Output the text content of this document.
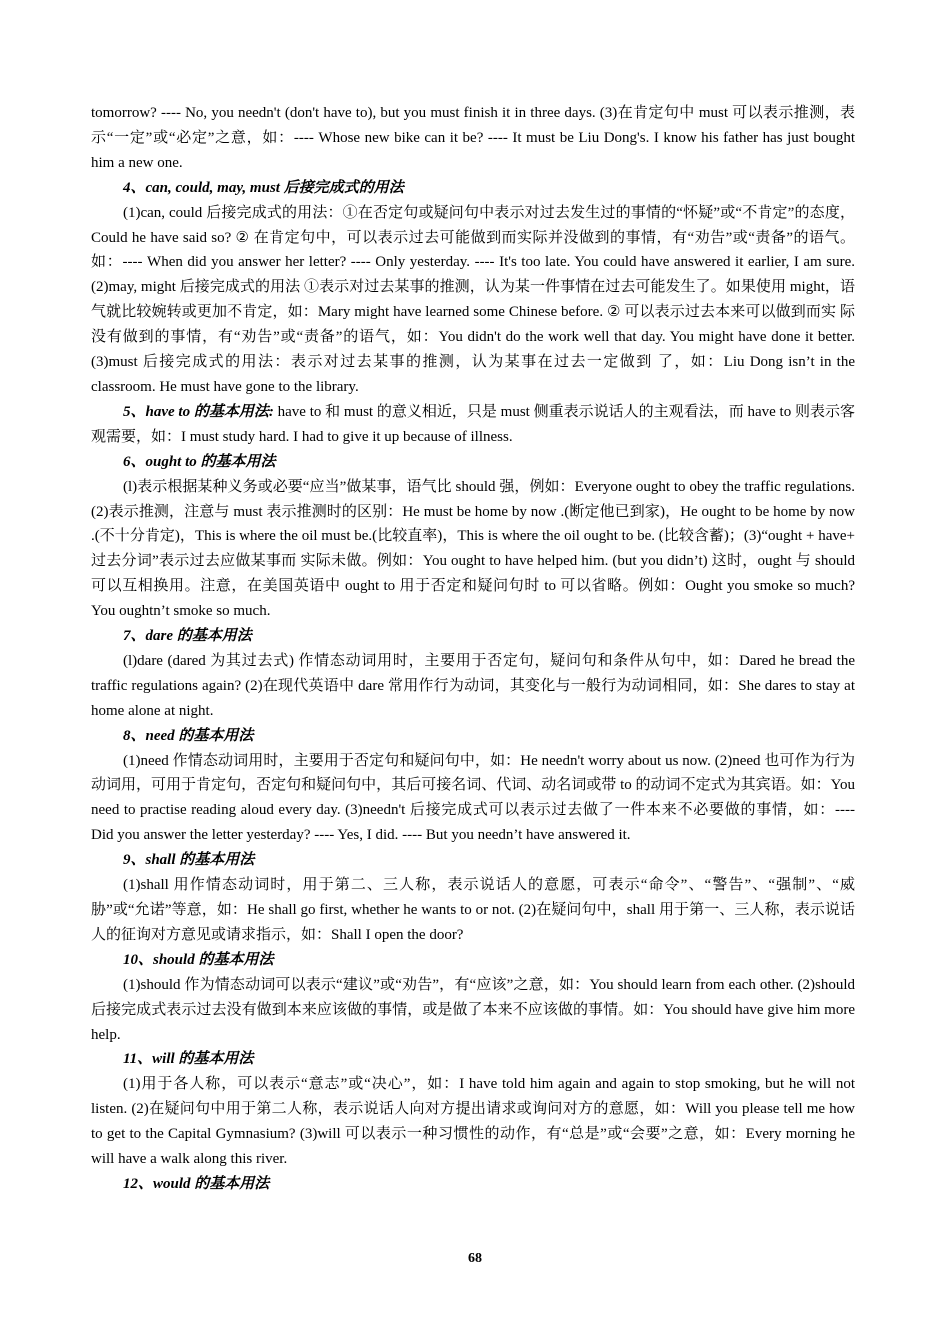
tomorrow? ---- No, you needn't (don't have to), but you must finish it in three days. (3)在肯定句中 must 可以表示推测，表示“一定”或“必定”之意，如：---- Whose new bike can it be? ---- It must be Liu Dong's. I know his father has just bought him a new one.

4、can, could, may, must 后接完成式的用法

(1)can, could 后接完成式的用法：①在否定句或疑问句中表示对过去发生过的事情的“怀疑”或“不肯定”的态度，Could he have said so? ② 在肯定句中，可以表示过去可能做到而实际并没做到的事情，有“劝告”或“责备”的语气。如：---- When did you answer her letter? ---- Only yesterday. ---- It's too late. You could have answered it earlier, I am sure. (2)may, might 后接完成式的用法 ①表示对过去某事的推测，认为某一件事情在过去可能发生了。如果使用 might，语气就比较婉转或更加不肯定，如：Mary might have learned some Chinese before. ② 可以表示过去本来可以做到而实 际没有做到的事情，有“劝告”或“责备”的语气，如：You didn't do the work well that day. You might have done it better. (3)must 后接完成式的用法：表示对过去某事的推测，认为某事在过去一定做到 了，如：Liu Dong isn’t in the classroom. He must have gone to the library.

5、have to 的基本用法: have to 和 must 的意义相近，只是 must 侧重表示说话人的主观看法，而 have to 则表示客观需要，如：I must study hard. I had to give it up because of illness.

6、ought to 的基本用法

(l)表示根据某种义务或必要“应当”做某事，语气比 should 强，例如：Everyone ought to obey the traffic regulations. (2)表示推测，注意与 must 表示推测时的区别：He must be home by now .(断定他已到家)，He ought to be home by now .(不十分肯定)，This is where the oil must be.(比较直率)，This is where the oil ought to be. (比较含蓄)；(3)“ought + have+ 过去分词”表示过去应做某事而 实际未做。例如：You ought to have helped him. (but you didn’t) 这时，ought 与 should 可以互相换用。注意，在美国英语中 ought to 用于否定和疑问句时 to 可以省略。例如：Ought you smoke so much? You oughtn’t smoke so much.

7、dare 的基本用法

(l)dare (dared 为其过去式) 作情态动词用时，主要用于否定句，疑问句和条件从句中，如：Dared he bread the traffic regulations again? (2)在现代英语中 dare 常用作行为动词，其变化与一般行为动词相同，如：She dares to stay at home alone at night.

8、need 的基本用法

(1)need 作情态动词用时，主要用于否定句和疑问句中，如：He needn't worry about us now. (2)need 也可作为行为动词用，可用于肯定句，否定句和疑问句中，其后可接名词、代词、动名词或带 to 的动词不定式为其宾语。如：You need to practise reading aloud every day. (3)needn't 后接完成式可以表示过去做了一件本来不必要做的事情，如：---- Did you answer the letter yesterday? ---- Yes, I did. ---- But you needn’t have answered it.

9、shall 的基本用法

(1)shall 用作情态动词时，用于第二、三人称，表示说话人的意愿，可表示“命令”、“警告”、“强制”、“威胁”或“允诺”等意，如：He shall go first, whether he wants to or not. (2)在疑问句中，shall 用于第一、三人称，表示说话人的征询对方意见或请求指示，如：Shall I open the door?

10、should 的基本用法

(1)should 作为情态动词可以表示“建议”或“劝告”，有“应该”之意，如：You should learn from each other. (2)should 后接完成式表示过去没有做到本来应该做的事情，或是做了本来不应该做的事情。如：You should have give him more help.

11、will 的基本用法

(1)用于各人称，可以表示“意志”或“决心”，如：I have told him again and again to stop smoking, but he will not listen. (2)在疑问句中用于第二人称，表示说话人向对方提出请求或询问对方的意愿，如：Will you please tell me how to get to the Capital Gymnasium? (3)will 可以表示一种习惯性的动作，有“总是”或“会要”之意，如：Every morning he will have a walk along this river.

12、would 的基本用法

68
